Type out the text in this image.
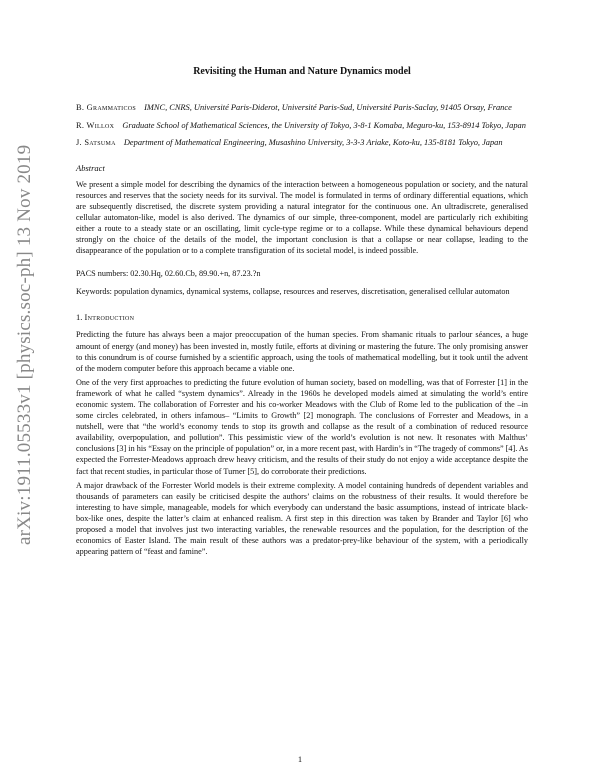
arXiv:1911.05533v1 [physics.soc-ph] 13 Nov 2019
Revisiting the Human and Nature Dynamics model
B. Grammaticos IMNC, CNRS, Université Paris-Diderot, Université Paris-Sud, Université Paris-Saclay, 91405 Orsay, France
R. Willox Graduate School of Mathematical Sciences, the University of Tokyo, 3-8-1 Komaba, Meguro-ku, 153-8914 Tokyo, Japan
J. Satsuma Department of Mathematical Engineering, Musashino University, 3-3-3 Ariake, Koto-ku, 135-8181 Tokyo, Japan
Abstract

We present a simple model for describing the dynamics of the interaction between a homogeneous population or society, and the natural resources and reserves that the society needs for its survival. The model is formulated in terms of ordinary differential equations, which are subsequently discretised, the discrete system providing a natural integrator for the continuous one. An ultradiscrete, generalised cellular automaton-like, model is also derived. The dynamics of our simple, three-component, model are particularly rich exhibiting either a route to a steady state or an oscillating, limit cycle-type regime or to a collapse. While these dynamical behaviours depend strongly on the choice of the details of the model, the important conclusion is that a collapse or near collapse, leading to the disappearance of the population or to a complete transfiguration of its societal model, is indeed possible.

PACS numbers: 02.30.Hq, 02.60.Cb, 89.90.+n, 87.23.?n
Keywords: population dynamics, dynamical systems, collapse, resources and reserves, discretisation, generalised cellular automaton
1. Introduction

Predicting the future has always been a major preoccupation of the human species. From shamanic rituals to parlour séances, a huge amount of energy (and money) has been invested in, mostly futile, efforts at divining or mastering the future. The only promising answer to this conundrum is of course furnished by a scientific approach, using the tools of mathematical modelling, but it took until the advent of the modern computer before this approach became a viable one.

One of the very first approaches to predicting the future evolution of human society, based on modelling, was that of Forrester [1] in the framework of what he called “system dynamics”. Already in the 1960s he developed models aimed at simulating the world’s entire economic system. The collaboration of Forrester and his co-worker Meadows with the Club of Rome led to the publication of the –in some circles celebrated, in others infamous– “Limits to Growth” [2] monograph. The conclusions of Forrester and Meadows, in a nutshell, were that “the world’s economy tends to stop its growth and collapse as the result of a combination of reduced resource availability, overpopulation, and pollution”. This pessimistic view of the world’s evolution is not new. It resonates with Malthus’ conclusions [3] in his “Essay on the principle of population” or, in a more recent past, with Hardin’s in “The tragedy of commons” [4]. As expected the Forrester-Meadows approach drew heavy criticism, and the results of their study do not enjoy a wide acceptance despite the fact that recent studies, in particular those of Turner [5], do corroborate their predictions.

A major drawback of the Forrester World models is their extreme complexity. A model containing hundreds of dependent variables and thousands of parameters can easily be criticised despite the authors’ claims on the robustness of their results. It would therefore be interesting to have simple, manageable, models for which everybody can understand the basic assumptions, instead of intricate black-box-like ones, despite the latter’s claim at enhanced realism. A first step in this direction was taken by Brander and Taylor [6] who proposed a model that involves just two interacting variables, the renewable resources and the population, for the description of the economics of Easter Island. The main result of these authors was a predator-prey-like behaviour of the system, with a periodically appearing pattern of “feast and famine”.

1
